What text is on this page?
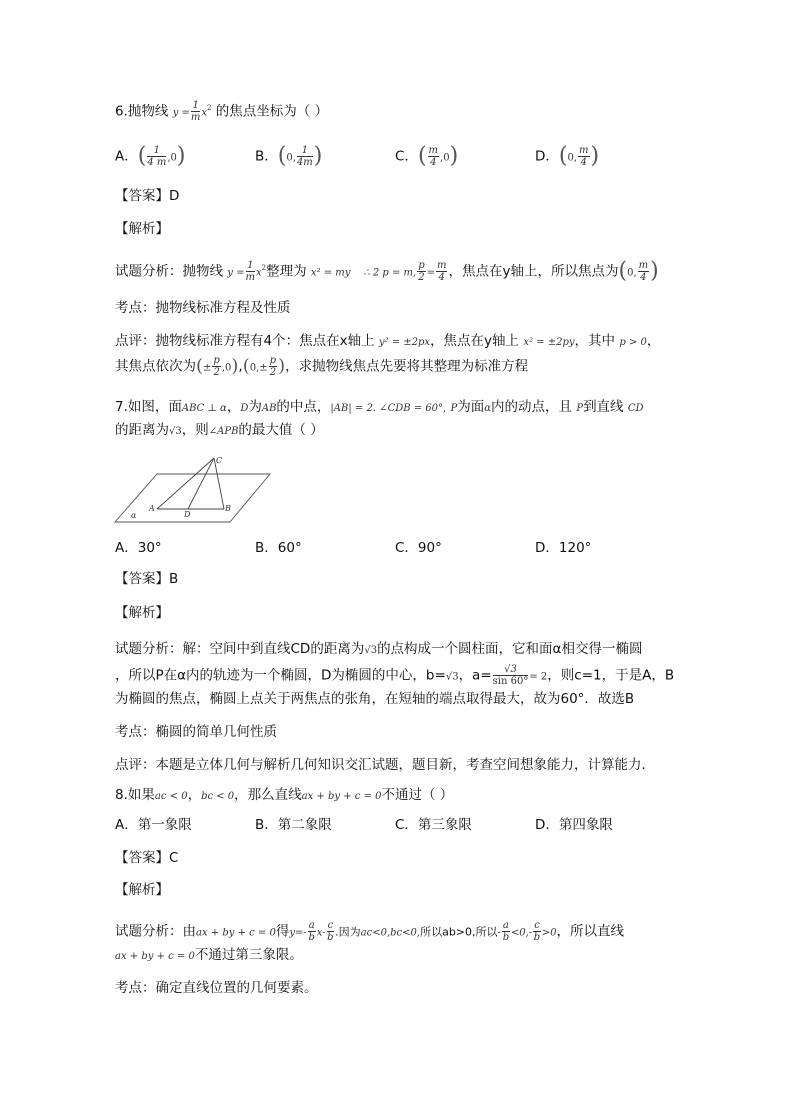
6.抛物线 $y = \frac{1}{m} x^2$ 的焦点坐标为（ ）
A．( $\frac{1}{4 m} ,0$)	B．(0, $\frac{1}{4m}$ )	C．( $\frac{m}{4} ,0$)	D．(0, $\frac{m}{4}$ )
【答案】D
【解析】
试题分析：抛物线 $y = \frac{1}{m} x^2$整理为 x² = my ∴ 2 p = m, $\frac{p}{2} = \frac{m}{4}$ ，焦点在y轴上，所以焦点为(0, $\frac{m}{4}$ )
考点：抛物线标准方程及性质
点评：抛物线标准方程有4个：焦点在x轴上 y² = ±2px，焦点在y轴上 x² = ±2py，其中 p > 0，
其焦点依次为(± $\frac{p}{2} ,0),(0,\pm \frac{p}{2}$ )，求抛物线焦点先要将其整理为标准方程
7.如图，面ABC ⊥ α，D为AB的中点，|AB| = 2. ∠CDB = 60°, P为面α内的动点，且 P到直线 CD
的距离为√3，则∠APB的最大值（ ）
C
A
D
B
α
A．30°	B．60°	C．90°	D．120°
【答案】B
【解析】
试题分析：解：空间中到直线CD的距离为√3的点构成一个圆柱面，它和面α相交得一椭圆
，所以P在α内的轨迹为一个椭圆，D为椭圆的中心，b=√3，$a= \frac{√3}{\sin 60^\circ} = 2$，则c=1，于是A，B
为椭圆的焦点，椭圆上点关于两焦点的张角，在短轴的端点取得最大，故为60°．故选B
考点：椭圆的简单几何性质
点评：本题是立体几何与解析几何知识交汇试题，题目新，考查空间想象能力，计算能力．
8.如果ac < 0，bc < 0，那么直线ax + by + c = 0不通过（ ）
A．第一象限	B．第二象限	C．第三象限	D．第四象限
【答案】C
【解析】
试题分析：由ax + by + c = 0得$y=- \frac{a}{b} x- \frac{c}{b}$ .因为ac<0,bc<0,所以ab>0,所以- $\frac{a}{b} <0,- \frac{c}{b} >0$，所以直线
ax + by + c = 0不通过第三象限。
考点：确定直线位置的几何要素。
